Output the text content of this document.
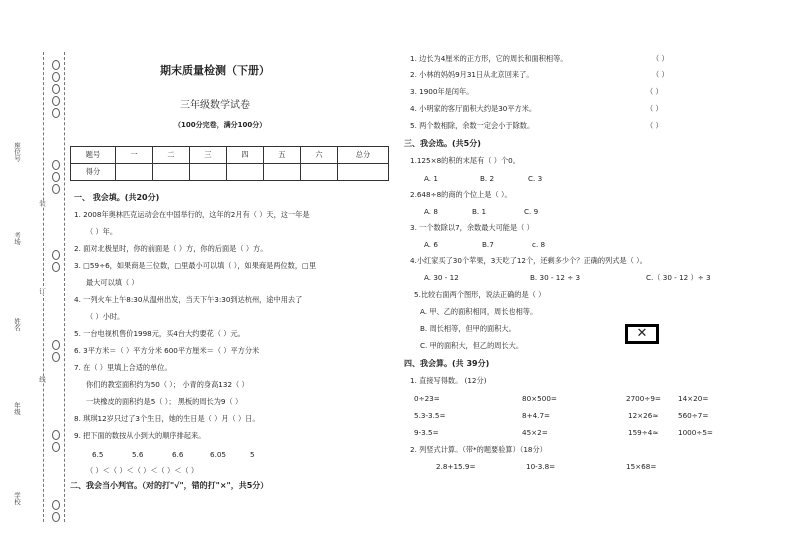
座位号
考场
姓名
年级
学校
装
订
线
期末质量检测（下册）
三年级数学试卷
（100分完卷，满分100分）
题号	一	二	三	四	五	六	总分
得分							
一、 我会填。(共20分)
1. 2008年奥林匹克运动会在中国举行的，这年的2月有（ ）天，这一年是
（ ）年。
2. 面对北极星时，你的前面是（ ）方，你的后面是（ ）方。
3. □59÷6，如果商是三位数，□里最小可以填（ ），如果商是两位数，□里
最大可以填（ ）
4. 一列火车上午8:30从温州出发，当天下午3:30到达杭州，途中用去了
（ ）小时。
5. 一台电视机售价1998元，买4台大约要花（ ）元。
6. 3平方米＝（ ）平方分米 600平方厘米＝（ ）平方分米
7. 在（ ）里填上合适的单位。
你们的教室面积约为50（ ）； 小青的身高132（ ）
一块橡皮的面积约是5（ ）； 黑板的周长为9（ ）
8. 琪琪12岁只过了3个生日，她的生日是（ ）月（ ）日。
9. 把下面的数按从小到大的顺序排起来。
6.5	5.6	6.6	6.05	5
（ ）＜（ ）＜（ ）＜（ ）＜（ ）
二、我会当小判官。（对的打"√"，错的打"×"，共5分）
1. 边长为4厘米的正方形，它的周长和面积相等。	（ ）
2. 小林的妈妈9月31日从北京回来了。	（ ）
3. 1900年是闰年。	（ ）
4. 小明家的客厅面积大约是30平方米。	（ ）
5. 两个数相除，余数一定会小于除数。	（ ）
三、我会选。(共5分)
1.125×8的积的末尾有（ ）个0。
A. 1	B. 2	C. 3
2.648÷8的商的个位上是（ ）。
A. 8	B. 1	C. 9
3. 一个数除以7，余数最大可能是（ ）
A. 6	B.7	c. 8
4.小红家买了30个苹果，3天吃了12个，还剩多少个？正确的列式是（ ）。
A. 30 - 12	B. 30 - 12 ÷ 3	C.（ 30 - 12 ）÷ 3
5.比较右面两个图形，说法正确的是（ ）
A. 甲、乙的面积相同，周长也相等。
B. 周长相等，但甲的面积大。
C. 甲的面积大，但乙的周长大。
✕
四、我会算。(共 39分)
1. 直接写得数。 (12分)
0÷23=	80×500=	2700÷9= 14×20=
5.3-3.5=	8+4.7=	12×26≈	560÷7=
9-3.5=	45×2=	159÷4≈	1000÷5=
2. 列竖式计算。（带*的题要验算）（18分）
2.8+15.9=	10-3.8=	15×68=
